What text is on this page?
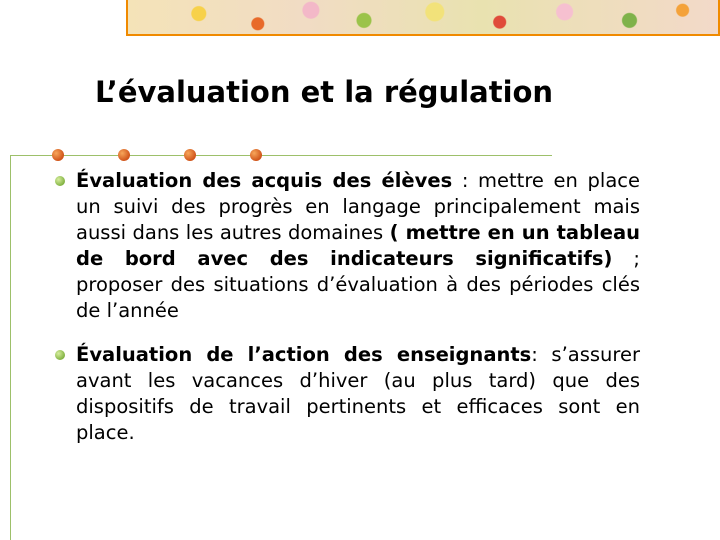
L’évaluation et la régulation

Évaluation des acquis des élèves : mettre en place un suivi des progrès en langage principalement mais aussi dans les autres domaines ( mettre en un tableau de bord avec des indicateurs significatifs) ; proposer des situations d’évaluation à des périodes clés de l’année

Évaluation de l’action des enseignants: s’assurer avant les vacances d’hiver (au plus tard) que des dispositifs de travail pertinents et efficaces sont en place.
